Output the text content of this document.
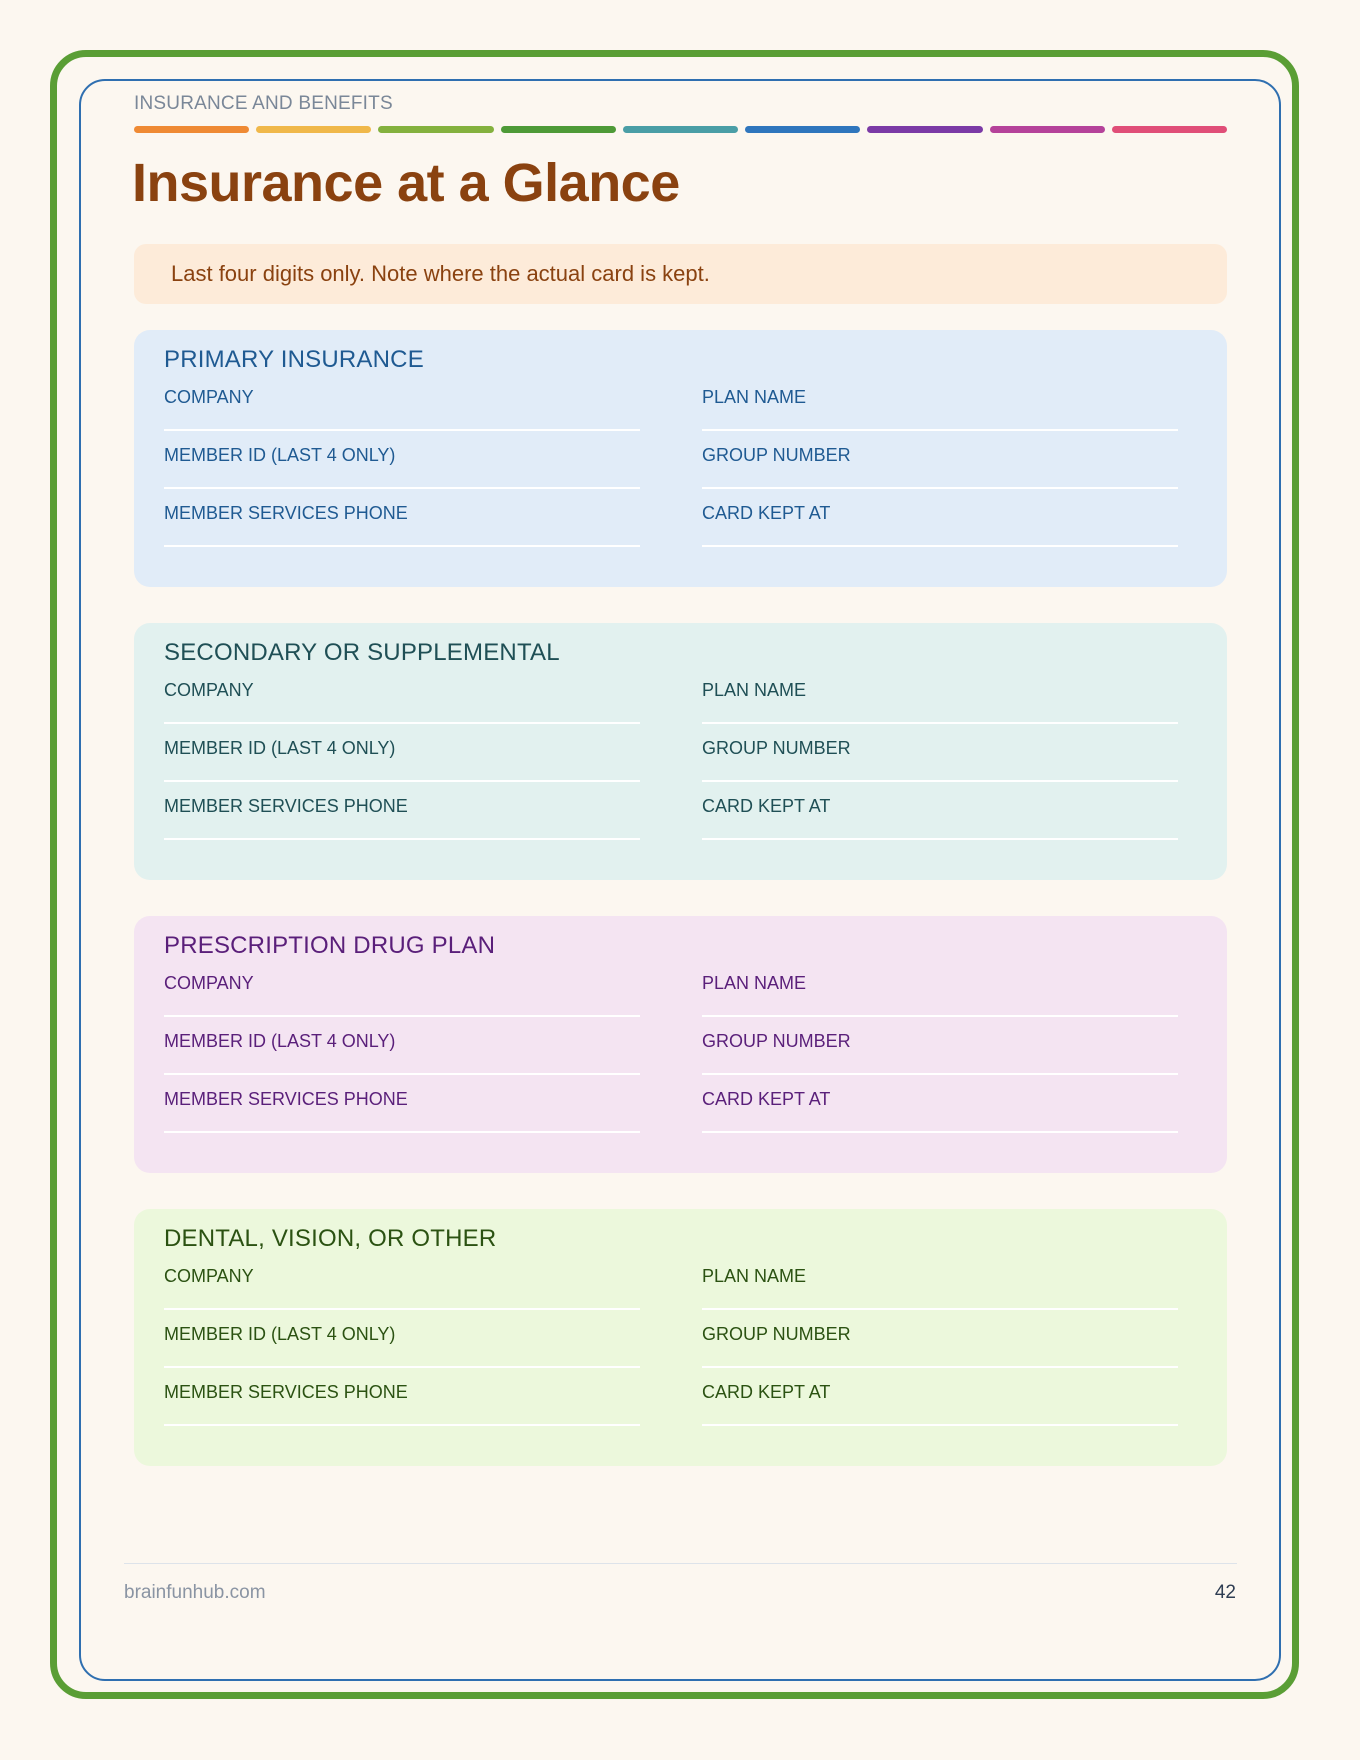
INSURANCE AND BENEFITS
Insurance at a Glance
Last four digits only. Note where the actual card is kept.
PRIMARY INSURANCE
COMPANY	PLAN NAME
MEMBER ID (LAST 4 ONLY)	GROUP NUMBER
MEMBER SERVICES PHONE	CARD KEPT AT
SECONDARY OR SUPPLEMENTAL
COMPANY	PLAN NAME
MEMBER ID (LAST 4 ONLY)	GROUP NUMBER
MEMBER SERVICES PHONE	CARD KEPT AT
PRESCRIPTION DRUG PLAN
COMPANY	PLAN NAME
MEMBER ID (LAST 4 ONLY)	GROUP NUMBER
MEMBER SERVICES PHONE	CARD KEPT AT
DENTAL, VISION, OR OTHER
COMPANY	PLAN NAME
MEMBER ID (LAST 4 ONLY)	GROUP NUMBER
MEMBER SERVICES PHONE	CARD KEPT AT
brainfunhub.com	42
